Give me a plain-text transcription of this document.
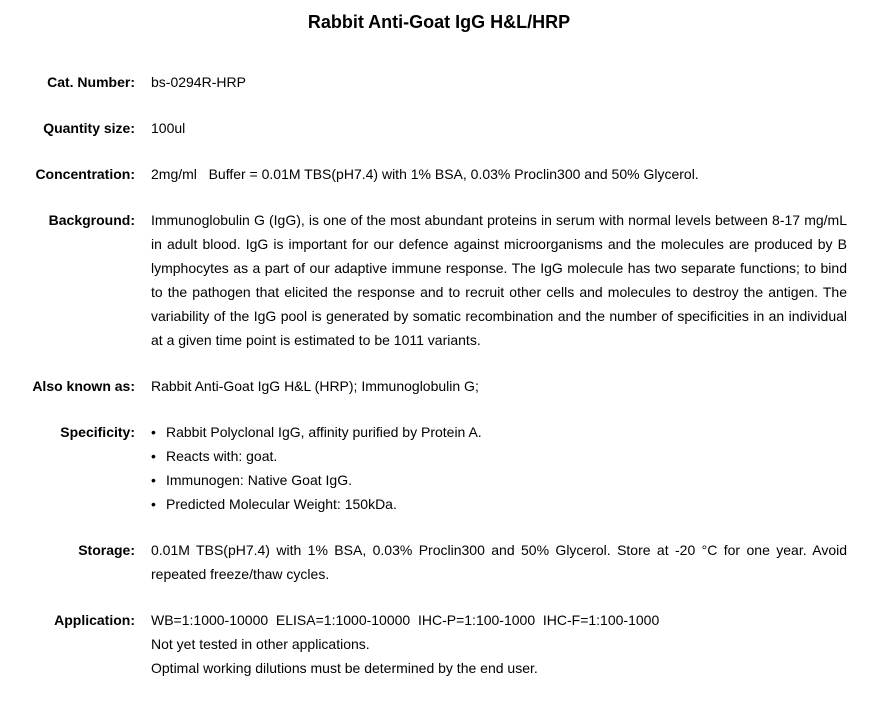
Rabbit Anti-Goat IgG H&L/HRP
Cat. Number: bs-0294R-HRP
Quantity size: 100ul
Concentration: 2mg/ml   Buffer = 0.01M TBS(pH7.4) with 1% BSA, 0.03% Proclin300 and 50% Glycerol.
Background: Immunoglobulin G (IgG), is one of the most abundant proteins in serum with normal levels between 8-17 mg/mL in adult blood. IgG is important for our defence against microorganisms and the molecules are produced by B lymphocytes as a part of our adaptive immune response. The IgG molecule has two separate functions; to bind to the pathogen that elicited the response and to recruit other cells and molecules to destroy the antigen. The variability of the IgG pool is generated by somatic recombination and the number of specificities in an individual at a given time point is estimated to be 1011 variants.
Also known as: Rabbit Anti-Goat IgG H&L (HRP); Immunoglobulin G;
Specificity: • Rabbit Polyclonal IgG, affinity purified by Protein A.
• Reacts with: goat.
• Immunogen: Native Goat IgG.
• Predicted Molecular Weight: 150kDa.
Storage: 0.01M TBS(pH7.4) with 1% BSA, 0.03% Proclin300 and 50% Glycerol. Store at -20 °C for one year. Avoid repeated freeze/thaw cycles.
Application: WB=1:1000-10000  ELISA=1:1000-10000  IHC-P=1:100-1000  IHC-F=1:100-1000

Not yet tested in other applications.

Optimal working dilutions must be determined by the end user.
